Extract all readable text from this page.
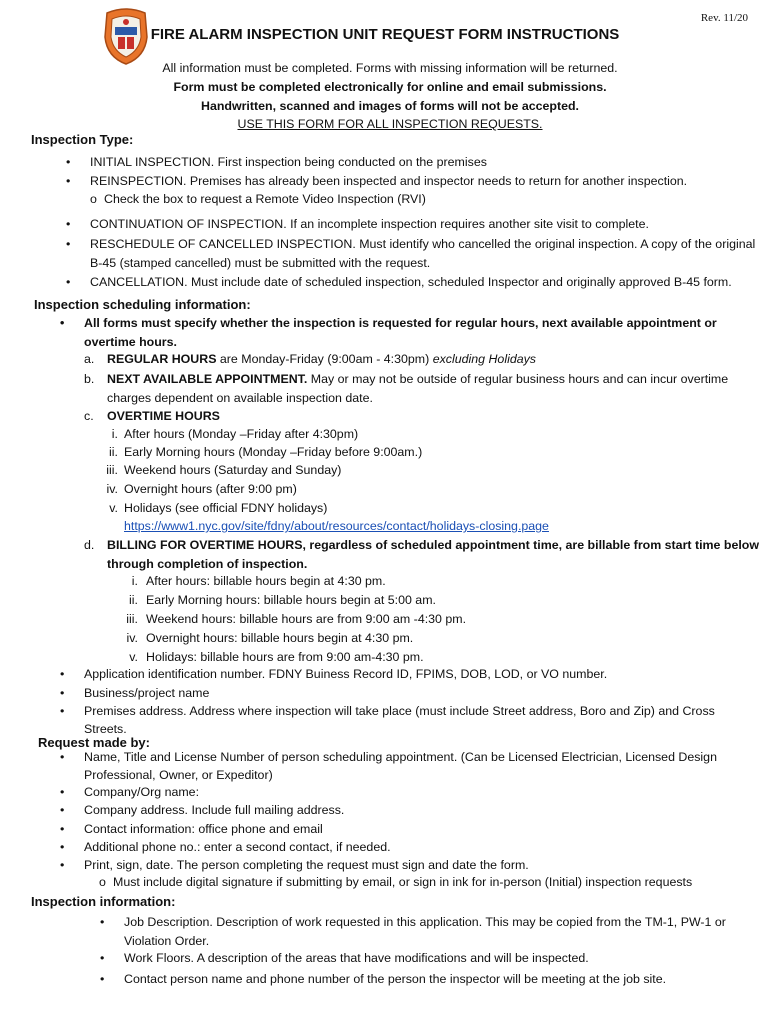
Rev. 11/20
FIRE ALARM INSPECTION UNIT REQUEST FORM INSTRUCTIONS
All information must be completed. Forms with missing information will be returned.
Form must be completed electronically for online and email submissions.
Handwritten, scanned and images of forms will not be accepted.
USE THIS FORM FOR ALL INSPECTION REQUESTS.
Inspection Type:
• INITIAL INSPECTION. First inspection being conducted on the premises
• REINSPECTION. Premises has already been inspected and inspector needs to return for another inspection.
o Check the box to request a Remote Video Inspection (RVI)
• CONTINUATION OF INSPECTION. If an incomplete inspection requires another site visit to complete.
• RESCHEDULE OF CANCELLED INSPECTION. Must identify who cancelled the original inspection. A copy of the original
B-45 (stamped cancelled) must be submitted with the request.
• CANCELLATION. Must include date of scheduled inspection, scheduled Inspector and originally approved B-45 form.
Inspection scheduling information:
• All forms must specify whether the inspection is requested for regular hours, next available appointment or
overtime hours.
a. REGULAR HOURS are Monday-Friday (9:00am - 4:30pm) excluding Holidays
b. NEXT AVAILABLE APPOINTMENT. May or may not be outside of regular business hours and can incur overtime
charges dependent on available inspection date.
c. OVERTIME HOURS
i. After hours (Monday –Friday after 4:30pm)
ii. Early Morning hours (Monday –Friday before 9:00am.)
iii. Weekend hours (Saturday and Sunday)
iv. Overnight hours (after 9:00 pm)
v. Holidays (see official FDNY holidays)
https://www1.nyc.gov/site/fdny/about/resources/contact/holidays-closing.page
d. BILLING FOR OVERTIME HOURS, regardless of scheduled appointment time, are billable from start time below
through completion of inspection.
i. After hours: billable hours begin at 4:30 pm.
ii. Early Morning hours: billable hours begin at 5:00 am.
iii. Weekend hours: billable hours are from 9:00 am -4:30 pm.
iv. Overnight hours: billable hours begin at 4:30 pm.
v. Holidays: billable hours are from 9:00 am-4:30 pm.
• Application identification number. FDNY Buiness Record ID, FPIMS, DOB, LOD, or VO number.
• Business/project name
• Premises address. Address where inspection will take place (must include Street address, Boro and Zip) and Cross
Streets.
Request made by:
• Name, Title and License Number of person scheduling appointment. (Can be Licensed Electrician, Licensed Design
Professional, Owner, or Expeditor)
• Company/Org name:
• Company address. Include full mailing address.
• Contact information: office phone and email
• Additional phone no.: enter a second contact, if needed.
• Print, sign, date. The person completing the request must sign and date the form.
o Must include digital signature if submitting by email, or sign in ink for in-person (Initial) inspection requests
Inspection information:
• Job Description. Description of work requested in this application. This may be copied from the TM-1, PW-1 or
Violation Order.
• Work Floors. A description of the areas that have modifications and will be inspected.
• Contact person name and phone number of the person the inspector will be meeting at the job site.
